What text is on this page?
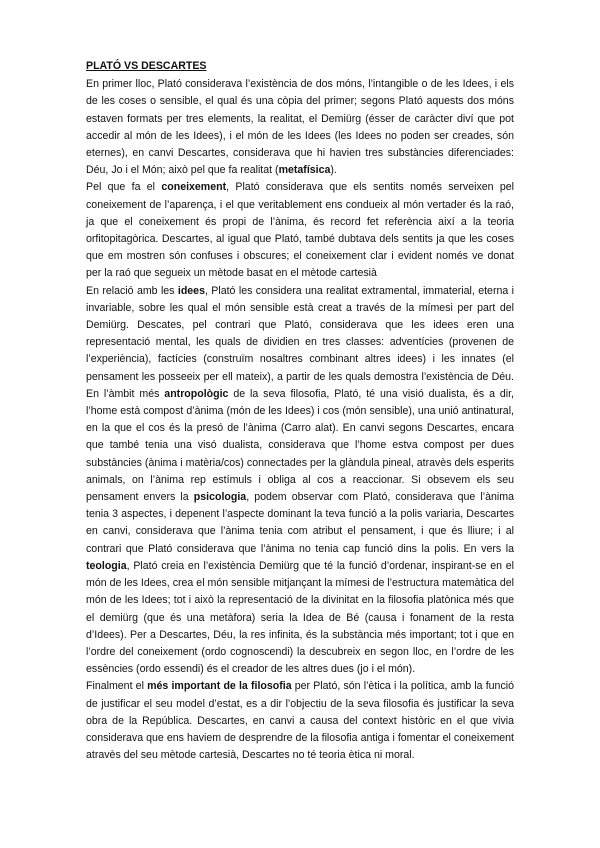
PLATÓ VS DESCARTES

En primer lloc, Plató considerava l’existència de dos móns, l’intangible o de les Idees, i els de les coses o sensible, el qual és una còpia del primer; segons Plató aquests dos móns estaven formats per tres elements, la realitat, el Demiürg (ésser de caràcter diví que pot accedir al món de les Idees), i el món de les Idees (les Idees no poden ser creades, són eternes), en canvi Descartes, considerava que hi havien tres substàncies diferenciades: Déu, Jo i el Món; això pel que fa realitat (metafísica).

Pel que fa el coneixement, Plató considerava que els sentits només serveixen pel coneixement de l’aparença, i el que veritablement ens condueix al món vertader és la raó, ja que el coneixement és propi de l’ànima, és record fet referència així a la teoria orfitopitagòrica. Descartes, al igual que Plató, també dubtava dels sentits ja que les coses que em mostren són confuses i obscures; el coneixement clar i evident només ve donat per la raó que segueix un mètode basat en el mètode cartesià

En relació amb les idees, Plató les considera una realitat extramental, immaterial, eterna i invariable, sobre les qual el món sensible està creat a través de la mímesi per part del Demiürg. Descates, pel contrari que Plató, considerava que les idees eren una representació mental, les quals de dividien en tres classes: adventícies (provenen de l’experiència), factícies (construïm nosaltres combinant altres idees) i les innates (el pensament les posseeix per ell mateix), a partir de les quals demostra l’existència de Déu. En l’àmbit més antropològic de la seva filosofia, Plató, té una visió dualista, és a dir, l’home està compost d’ànima (món de les Idees) i cos (món sensible), una unió antinatural, en la que el cos és la presó de l’ànima (Carro alat). En canvi segons Descartes, encara que també tenia una visó dualista, considerava que l’home estva compost per dues substàncies (ànima i matèria/cos) connectades per la glàndula pineal, atravès dels esperits animals, on l’ànima rep estímuls i obliga al cos a reaccionar. Si obsevem els seu pensament envers la psicologia, podem observar com Plató, considerava que l’ànima tenia 3 aspectes, i depenent l’aspecte dominant la teva funció a la polis variaria, Descartes en canvi, considerava que l’ànima tenia com atribut el pensament, i que és lliure; i al contrari que Plató considerava que l’ànima no tenia cap funció dins la polis. En vers la teologia, Plató creia en l’existència Demiürg que té la funció d’ordenar, inspirant-se en el món de les Idees, crea el món sensible mitjançant la mímesi de l’estructura matemàtica del món de les Idees; tot i això la representació de la divinitat en la filosofia platònica més que el demiürg (que és una metàfora) seria la Idea de Bé (causa i fonament de la resta d’Idees). Per a Descartes, Déu, la res infinita, és la substància més important; tot i que en l’ordre del coneixement (ordo cognoscendi) la descubreix en segon lloc, en l’ordre de les essències (ordo essendi) és el creador de les altres dues (jo i el món).

Finalment el més important de la filosofia per Plató, són l’ètica i la política, amb la funció de justificar el seu model d’estat, es a dir l’objectiu de la seva filosofia és justificar la seva obra de la República. Descartes, en canvi a causa del context històric en el que vivia considerava que ens haviem de desprendre de la filosofia antiga i fomentar el coneixement atravès del seu mètode cartesià, Descartes no té teoria ètica ni moral.
